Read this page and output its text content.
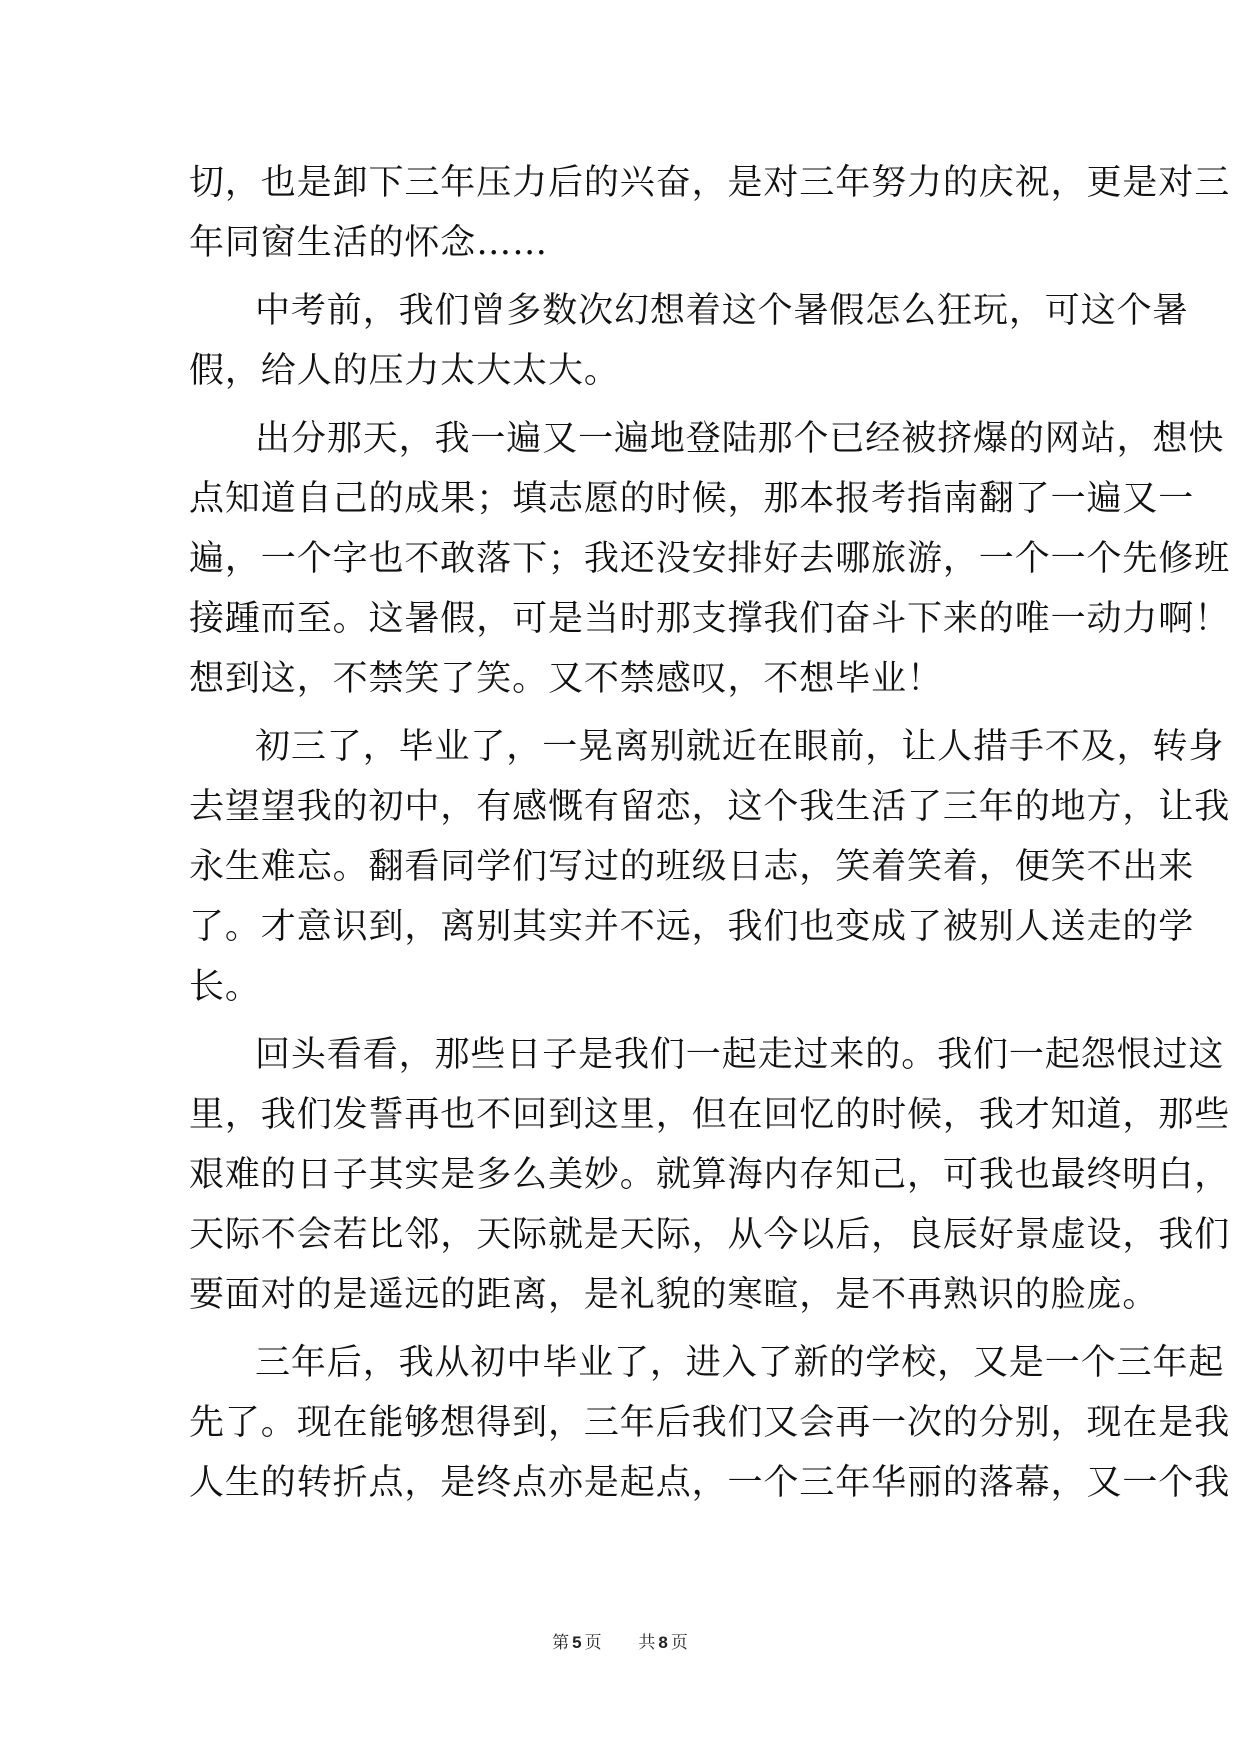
切，也是卸下三年压力后的兴奋，是对三年努力的庆祝，更是对三
年同窗生活的怀念……
中考前，我们曾多数次幻想着这个暑假怎么狂玩，可这个暑
假，给人的压力太大太大。
出分那天，我一遍又一遍地登陆那个已经被挤爆的网站，想快
点知道自己的成果；填志愿的时候，那本报考指南翻了一遍又一
遍，一个字也不敢落下；我还没安排好去哪旅游，一个一个先修班
接踵而至。这暑假，可是当时那支撑我们奋斗下来的唯一动力啊！
想到这，不禁笑了笑。又不禁感叹，不想毕业！
初三了，毕业了，一晃离别就近在眼前，让人措手不及，转身
去望望我的初中，有感慨有留恋，这个我生活了三年的地方，让我
永生难忘。翻看同学们写过的班级日志，笑着笑着，便笑不出来
了。才意识到，离别其实并不远，我们也变成了被别人送走的学
长。
回头看看，那些日子是我们一起走过来的。我们一起怨恨过这
里，我们发誓再也不回到这里，但在回忆的时候，我才知道，那些
艰难的日子其实是多么美妙。就算海内存知己，可我也最终明白，
天际不会若比邻，天际就是天际，从今以后，良辰好景虚设，我们
要面对的是遥远的距离，是礼貌的寒暄，是不再熟识的脸庞。
三年后，我从初中毕业了，进入了新的学校，又是一个三年起
先了。现在能够想得到，三年后我们又会再一次的分别，现在是我
人生的转折点，是终点亦是起点，一个三年华丽的落幕，又一个我
第 5 页 共 8 页
